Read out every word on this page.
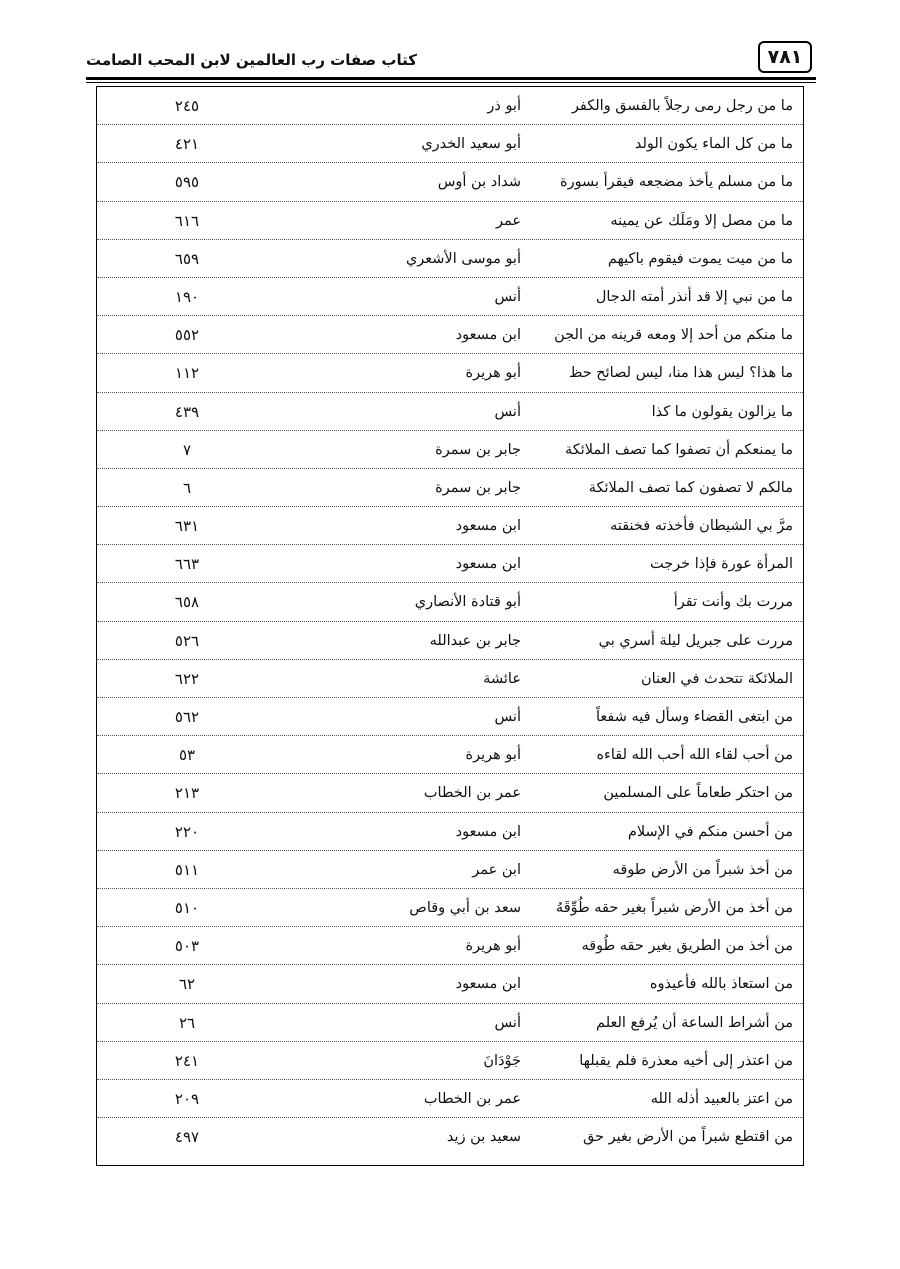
٧٨١
كتاب صفات رب العالمين لابن المحب الصامت
ما من رجل رمى رجلاً بالفسق والكفر
أبو ذر
٢٤٥
ما من كل الماء يكون الولد
أبو سعيد الخدري
٤٢١
ما من مسلم يأخذ مضجعه فيقرأ بسورة
شداد بن أوس
٥٩٥
ما من مصل إلا ومَلَك عن يمينه
عمر
٦١٦
ما من ميت يموت فيقوم باكيهم
أبو موسى الأشعري
٦٥٩
ما من نبي إلا قد أنذر أمته الدجال
أنس
١٩٠
ما منكم من أحد إلا ومعه قرينه من الجن
ابن مسعود
٥٥٢
ما هذا؟ ليس هذا منا، ليس لصائح حظ
أبو هريرة
١١٢
ما يزالون يقولون ما كذا
أنس
٤٣٩
ما يمنعكم أن تصفوا كما تصف الملائكة
جابر بن سمرة
٧
مالكم لا تصفون كما تصف الملائكة
جابر بن سمرة
٦
مرَّ بي الشيطان فأخذته فخنقته
ابن مسعود
٦٣١
المرأة عورة فإذا خرجت
ابن مسعود
٦٦٣
مررت بك وأنت تقرأ
أبو قتادة الأنصاري
٦٥٨
مررت على جبريل ليلة أسري بي
جابر بن عبدالله
٥٢٦
الملائكة تتحدث في العنان
عائشة
٦٢٢
من ابتغى القضاء وسأل فيه شفعاً
أنس
٥٦٢
من أحب لقاء الله أحب الله لقاءه
أبو هريرة
٥٣
من احتكر طعاماً على المسلمين
عمر بن الخطاب
٢١٣
من أحسن منكم في الإسلام
ابن مسعود
٢٢٠
من أخذ شبراً من الأرض طوقه
ابن عمر
٥١١
من أخذ من الأرض شبراً بغير حقه طُوِّقَهُ
سعد بن أبي وقاص
٥١٠
من أخذ من الطريق بغير حقه طُوقه
أبو هريرة
٥٠٣
من استعاذ بالله فأعيذوه
ابن مسعود
٦٢
من أشراط الساعة أن يُرفع العلم
أنس
٢٦
من اعتذر إلى أخيه معذرة فلم يقبلها
جَوْدَانَ
٢٤١
من اعتز بالعبيد أذله الله
عمر بن الخطاب
٢٠٩
من اقتطع شبراً من الأرض بغير حق
سعيد بن زيد
٤٩٧
